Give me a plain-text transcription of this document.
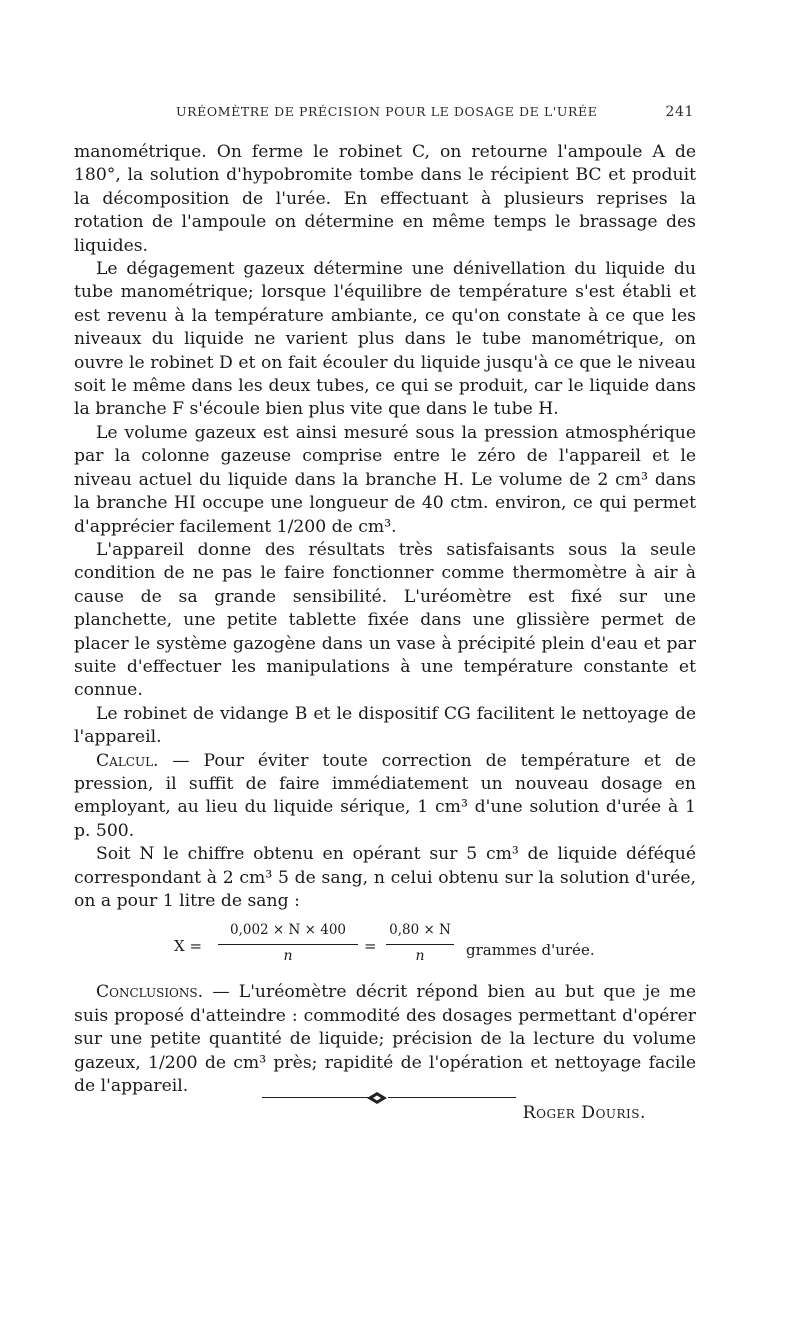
URÉOMÈTRE DE PRÉCISION POUR LE DOSAGE DE L'URÉE	241

manométrique. On ferme le robinet C, on retourne l'ampoule A de 180°, la solution d'hypobromite tombe dans le récipient BC et produit la décomposition de l'urée. En effectuant à plusieurs reprises la rotation de l'ampoule on détermine en même temps le brassage des liquides.

Le dégagement gazeux détermine une dénivellation du liquide du tube manométrique; lorsque l'équilibre de température s'est établi et est revenu à la température ambiante, ce qu'on constate à ce que les niveaux du liquide ne varient plus dans le tube manométrique, on ouvre le robinet D et on fait écouler du liquide jusqu'à ce que le niveau soit le même dans les deux tubes, ce qui se produit, car le liquide dans la branche F s'écoule bien plus vite que dans le tube H.

Le volume gazeux est ainsi mesuré sous la pression atmosphérique par la colonne gazeuse comprise entre le zéro de l'appareil et le niveau actuel du liquide dans la branche H. Le volume de 2 cm³ dans la branche HI occupe une longueur de 40 ctm. environ, ce qui permet d'apprécier facilement 1/200 de cm³.

L'appareil donne des résultats très satisfaisants sous la seule condition de ne pas le faire fonctionner comme thermomètre à air à cause de sa grande sensibilité. L'uréomètre est fixé sur une planchette, une petite tablette fixée dans une glissière permet de placer le système gazogène dans un vase à précipité plein d'eau et par suite d'effectuer les manipulations à une température constante et connue.

Le robinet de vidange B et le dispositif CG facilitent le nettoyage de l'appareil.

Calcul. — Pour éviter toute correction de température et de pression, il suffit de faire immédiatement un nouveau dosage en employant, au lieu du liquide sérique, 1 cm³ d'une solution d'urée à 1 p. 500.

Soit N le chiffre obtenu en opérant sur 5 cm³ de liquide déféqué correspondant à 2 cm³ 5 de sang, n celui obtenu sur la solution d'urée, on a pour 1 litre de sang :

$X = \frac{0,002 \times N \times 400}{n} = \frac{0,80 \times N}{n}$ grammes d'urée.

Conclusions. — L'uréomètre décrit répond bien au but que je me suis proposé d'atteindre : commodité des dosages permettant d'opérer sur une petite quantité de liquide; précision de la lecture du volume gazeux, 1/200 de cm³ près; rapidité de l'opération et nettoyage facile de l'appareil.

Roger Douris.
